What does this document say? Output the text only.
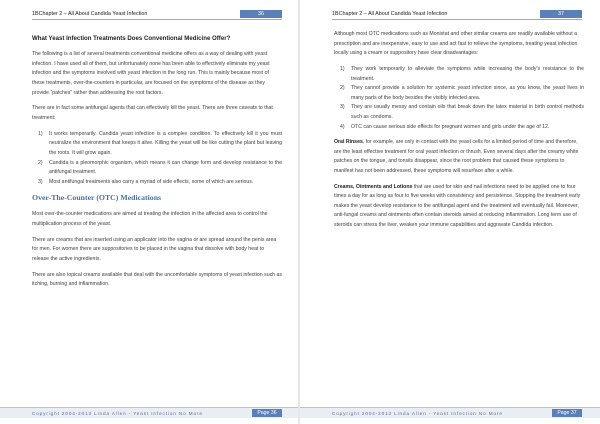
1BChapter 2 – All About Candida Yeast Infection	36
What Yeast Infection Treatments Does Conventional Medicine Offer?

The following is a list of several treatments conventional medicine offers as a way of dealing with yeast infection. I have used all of them, but unfortunately none has been able to effectively eliminate my yeast infection and the symptoms involved with yeast infection in the long run. This is mainly because most of these treatments, over-the-counters in particular, are focused on the symptoms of the disease as they provide “patches” rather than addressing the root factors.

There are in fact some antifungal agents that can effectively kill the yeast. There are three caveats to that treatment:

1) It works temporarily. Candida yeast infection is a complex condition. To effectively kill it you must neutralize the environment that keeps it alive. Killing the yeast will be like cutting the plant but leaving the roots. It will grow again.
2) Candida is a pleomorphic organism, which means it can change form and develop resistance to the antifungal treatment.
3) Most antifungal treatments also carry a myriad of side effects, some of which are serious.
Over-The-Counter (OTC) Medications

Most over-the-counter medications are aimed at treating the infection in the affected area to control the multiplication process of the yeast.

There are creams that are inserted using an applicator into the vagina or are spread around the penis area for men. For women there are suppositories to be placed in the vagina that dissolve with body heat to release the active ingredients.

There are also topical creams available that deal with the uncomfortable symptoms of yeast infection such as itching, burning and inflammation.

Copyright 2004-2013 Linda Allen - Yeast Infection No More	Page 36
1BChapter 2 – All About Candida Yeast Infection	37

Although most OTC medications such as Monistat and other similar creams are readily available without a prescription and are inexpensive, easy to use and act fast to relieve the symptoms, treating yeast infection locally using a cream or suppository have clear disadvantages:

1) They work temporarily to alleviate the symptoms while increasing the body’s resistance to the treatment.
2) They cannot provide a solution for systemic yeast infection since, as you know, the yeast lives in many parts of the body besides the visibly infected area.
3) They are usually messy and contain oils that break down the latex material in birth control methods such as condoms.
4) OTC can cause serious side effects for pregnant women and girls under the age of 12.

Oral Rinses, for example, are only in contact with the yeast cells for a limited period of time and therefore, are the least effective treatment for oral yeast infection or thrush. Even several days after the creamy white patches on the tongue, and tonsils disappear, since the root problem that caused these symptoms to manifest has not been addressed, these symptoms will resurface after a while.

Creams, Ointments and Lotions that are used for skin and nail infections need to be applied one to four times a day for as long as four to five weeks with consistency and persistence. Stopping the treatment early makes the yeast develop resistance to the antifungal agent and the treatment will eventually fail. Moreover, anti-fungal creams and ointments often contain steroids aimed at reducing inflammation. Long term use of steroids can stress the liver, weaken your immune capabilities and aggravate Candida infection.

Copyright 2004-2013 Linda Allen - Yeast Infection No More	Page 37
